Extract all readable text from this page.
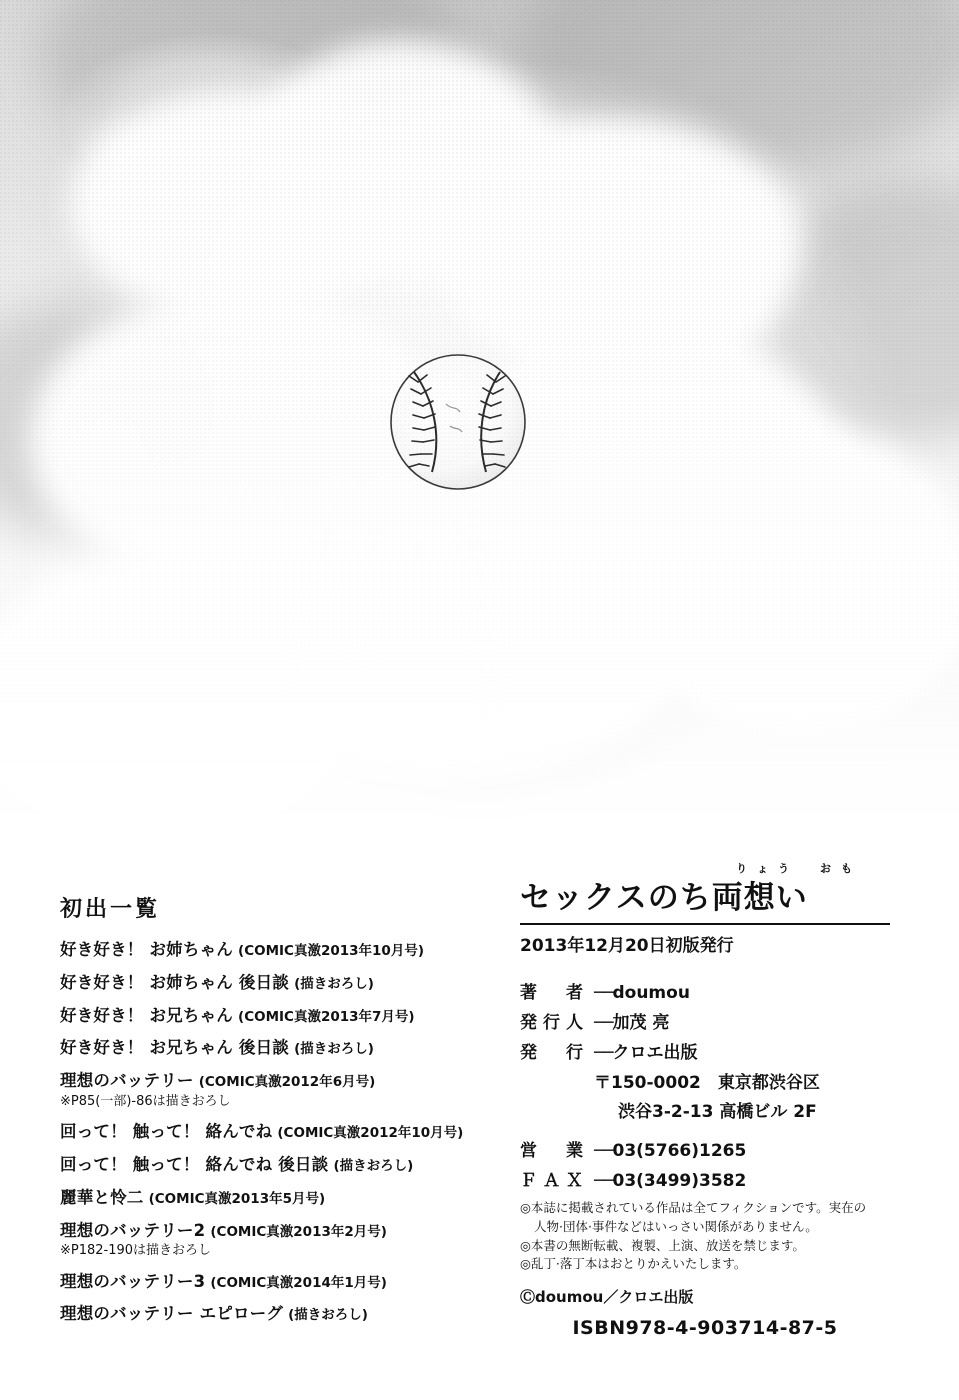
初出一覧
好き好き！ お姉ちゃん (COMIC真激2013年10月号)
好き好き！ お姉ちゃん 後日談 (描きおろし)
好き好き！ お兄ちゃん (COMIC真激2013年7月号)
好き好き！ お兄ちゃん 後日談 (描きおろし)
理想のバッテリー (COMIC真激2012年6月号)
※P85(一部)-86は描きおろし
回って！ 触って！ 絡んでね (COMIC真激2012年10月号)
回って！ 触って！ 絡んでね 後日談 (描きおろし)
麗華と怜二 (COMIC真激2013年5月号)
理想のバッテリー2 (COMIC真激2013年2月号)
※P182-190は描きおろし
理想のバッテリー3 (COMIC真激2014年1月号)
理想のバッテリー エピローグ (描きおろし)
りょう　おも
セックスのち両想い

2013年12月20日初版発行

著　者 ──doumou
発行人 ──加茂 亮
発　行 ──クロエ出版
〒150-0002　東京都渋谷区
渋谷3-2-13 高橋ビル 2F
営　業 ──03(5766)1265
ＦＡＸ ──03(3499)3582
◎本誌に掲載されている作品は全てフィクションです。実在の
人物·団体·事件などはいっさい関係がありません。
◎本書の無断転載、複製、上演、放送を禁じます。
◎乱丁·落丁本はおとりかえいたします。
Ⓒdoumou／クロエ出版
ISBN978-4-903714-87-5
